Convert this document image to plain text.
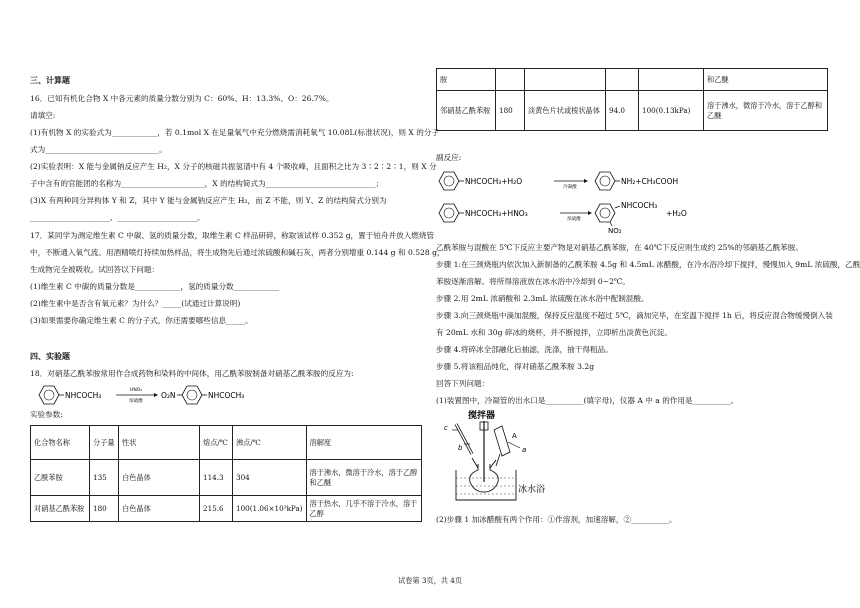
三、计算题
16．已知有机化合物 X 中各元素的质量分数分别为 C：60%、H：13.3%、O：26.7%。
请填空:
(1)有机物 X 的实验式为____________，若 0.1mol X 在足量氧气中充分燃烧需消耗氧气 10.08L(标准状况)，则 X 的分子
式为______________________________。
(2)实验表明：X 能与金属钠反应产生 H₂，X 分子的核磁共振氢谱中有 4 个吸收峰，且面积之比为 3∶2∶2∶1，则 X 分
子中含有的官能团的名称为______________________，X 的结构简式为_____________________________；
(3)X 有两种同分异构体 Y 和 Z，其中 Y 能与金属钠反应产生 H₂，而 Z 不能，则 Y、Z 的结构简式分别为
_____________________、_____________________。
17．某同学为测定维生素 C 中碳、氢的质量分数，取维生素 C 样品研碎，称取该试样 0.352 g，置于铂舟并放入燃烧管
中，不断通入氧气流。用酒精喷灯持续加热样品，将生成物先后通过浓硫酸和碱石灰，两者分别增重 0.144 g 和 0.528 g，
生成物完全被吸收。试回答以下问题：
(1)维生素 C 中碳的质量分数是____________，氢的质量分数____________
(2)维生素中是否含有氧元素？为什么？_____(试通过计算说明)
(3)如果需要你确定维生素 C 的分子式，你还需要哪些信息_____。
四、实验题
18．对硝基乙酰苯胺常用作合成药物和染料的中间体，用乙酰苯胺制备对硝基乙酰苯胺的反应为:
NHCOCH₃
HNO₃
浓硫酸
O₂N	NHCOCH₃
实验参数:
化合物名称	分子量	性状	熔点/℃	沸点/℃	溶解度
乙酰苯胺	135	白色晶体	114.3	304	溶于沸水，微溶于冷水，溶于乙醇和乙醚
对硝基乙酰苯胺	180	白色晶体	215.6	100(1.06×10³kPa)	溶于热水，几乎不溶于冷水，溶于乙醇
胺					和乙醚
邻硝基乙酰苯胺	180	淡黄色片状或棱状晶体	94.0	100(0.13kPa)	溶于沸水，微溶于冷水，溶于乙醇和乙醚
副反应:
NHCOCH₃+H₂O
冷凝酸
NH₂+CH₃COOH
NHCOCH₃+HNO₃
浓硫酸
NHCOCH₃
NO₂
+H₂O
乙酰苯胺与混酸在 5℃下反应主要产物是对硝基乙酰苯胺，在 40℃下反应则生成约 25%的邻硝基乙酰苯胺。
步骤 1:在三颈烧瓶内依次加入新制备的乙酰苯胺 4.5g 和 4.5mL 冰醋酸，在冷水浴冷却下搅拌，慢慢加入 9mL 浓硫酸，乙酰
苯胺逐渐溶解。将所得溶液放在冰水浴中冷却到 0~2℃。
步骤 2.用 2mL 浓硝酸和 2.3mL 浓硫酸在冰水浴中配制混酸。
步骤 3.向三颈烧瓶中滴加混酸，保持反应温度不超过 5℃，滴加完毕，在室温下搅拌 1h 后，将反应混合物缓慢倒入装
有 20mL 水和 30g 碎冰的烧杯，并不断搅拌，立即析出淡黄色沉淀。
步骤 4.将碎冰全部融化后抽滤，洗涤，抽干得粗品。
步骤 5.将该粗品纯化，得对硝基乙酰苯胺 3.2g
回答下列问题：
(1)装置图中，冷凝管的出水口是__________(填字母)，仪器 A 中 a 的作用是__________。
搅拌器
c
b
A
a
冰水浴
(2)步骤 1 加冰醋酸有两个作用：①作溶剂，加速溶解，②__________。
试卷第 3页，共 4页
